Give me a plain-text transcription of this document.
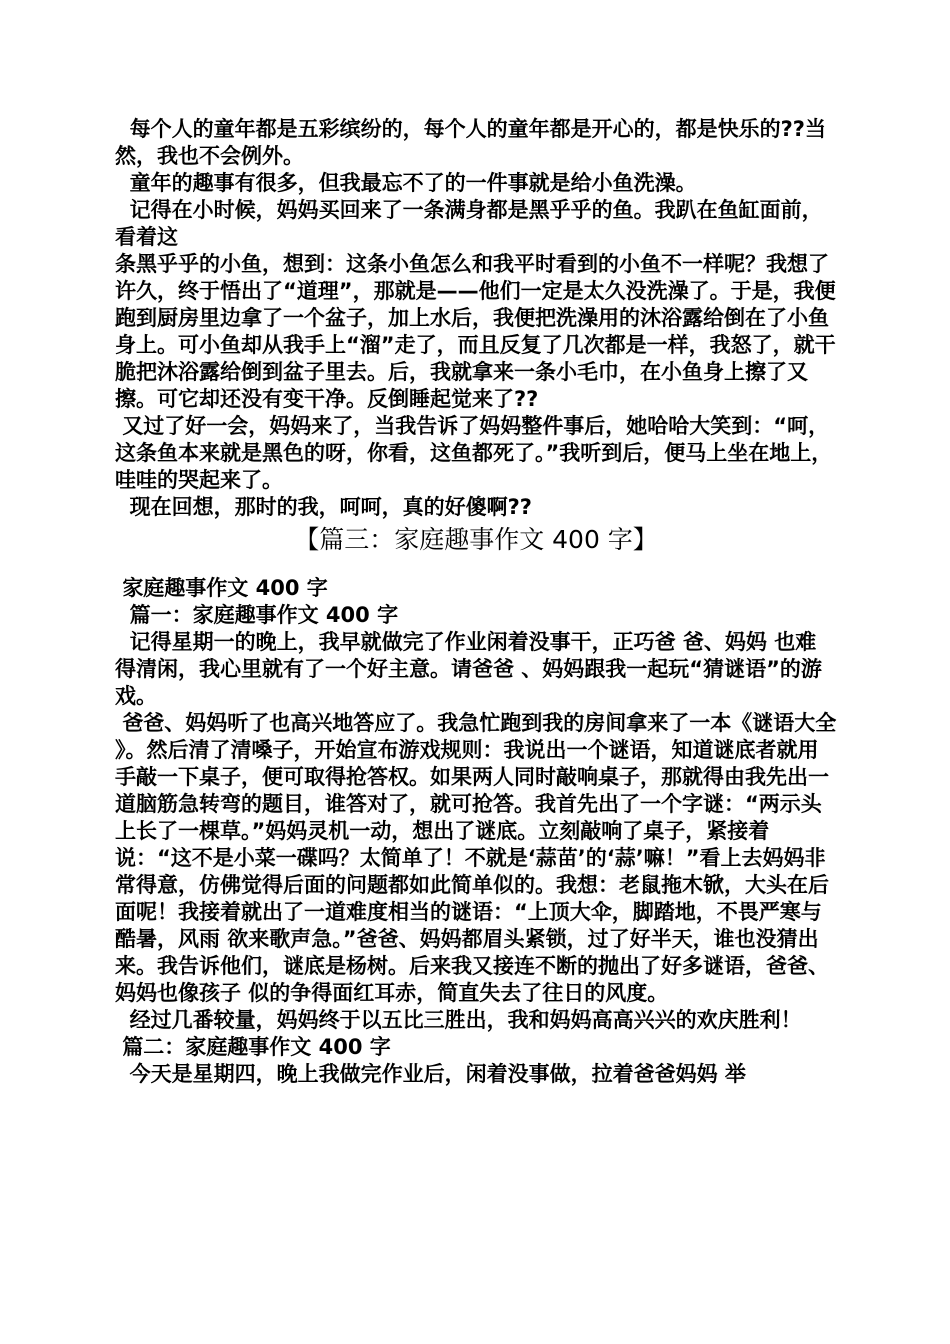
每个人的童年都是五彩缤纷的，每个人的童年都是开心的，都是快乐的??当然，我也不会例外。

童年的趣事有很多，但我最忘不了的一件事就是给小鱼洗澡。

记得在小时候，妈妈买回来了一条满身都是黑乎乎的鱼。我趴在鱼缸面前，看着这

条黑乎乎的小鱼，想到：这条小鱼怎么和我平时看到的小鱼不一样呢？我想了许久，终于悟出了“道理”，那就是——他们一定是太久没洗澡了。于是，我便跑到厨房里边拿了一个盆子，加上水后，我便把洗澡用的沐浴露给倒在了小鱼身上。可小鱼却从我手上“溜”走了，而且反复了几次都是一样，我怒了，就干脆把沐浴露给倒到盆子里去。后，我就拿来一条小毛巾，在小鱼身上擦了又擦。可它却还没有变干净。反倒睡起觉来了??

又过了好一会，妈妈来了，当我告诉了妈妈整件事后，她哈哈大笑到：“呵，这条鱼本来就是黑色的呀，你看，这鱼都死了。”我听到后，便马上坐在地上，哇哇的哭起来了。

现在回想，那时的我，呵呵，真的好傻啊??

【篇三：家庭趣事作文 400 字】

家庭趣事作文 400 字

篇一：家庭趣事作文 400 字

记得星期一的晚上，我早就做完了作业闲着没事干，正巧爸 爸、妈妈 也难得清闲，我心里就有了一个好主意。请爸爸 、妈妈跟我一起玩“猜谜语”的游戏。

爸爸、妈妈听了也高兴地答应了。我急忙跑到我的房间拿来了一本《谜语大全 》。然后清了清嗓子，开始宣布游戏规则：我说出一个谜语，知道谜底者就用手敲一下桌子，便可取得抢答权。如果两人同时敲响桌子，那就得由我先出一道脑筋急转弯的题目，谁答对了，就可抢答。我首先出了一个字谜：“两示头上长了一棵草。”妈妈灵机一动，想出了谜底。立刻敲响了桌子，紧接着说：“这不是小菜一碟吗？太简单了！不就是‘蒜苗’的‘蒜’嘛！”看上去妈妈非常得意，仿佛觉得后面的问题都如此简单似的。我想：老鼠拖木锨，大头在后面呢！我接着就出了一道难度相当的谜语：“上顶大伞，脚踏地，不畏严寒与酷暑，风雨 欲来歌声急。”爸爸、妈妈都眉头紧锁，过了好半天，谁也没猜出来。我告诉他们，谜底是杨树。后来我又接连不断的抛出了好多谜语，爸爸、妈妈也像孩子 似的争得面红耳赤，简直失去了往日的风度。

经过几番较量，妈妈终于以五比三胜出，我和妈妈高高兴兴的欢庆胜利！

篇二：家庭趣事作文 400 字

今天是星期四，晚上我做完作业后，闲着没事做，拉着爸爸妈妈 举
